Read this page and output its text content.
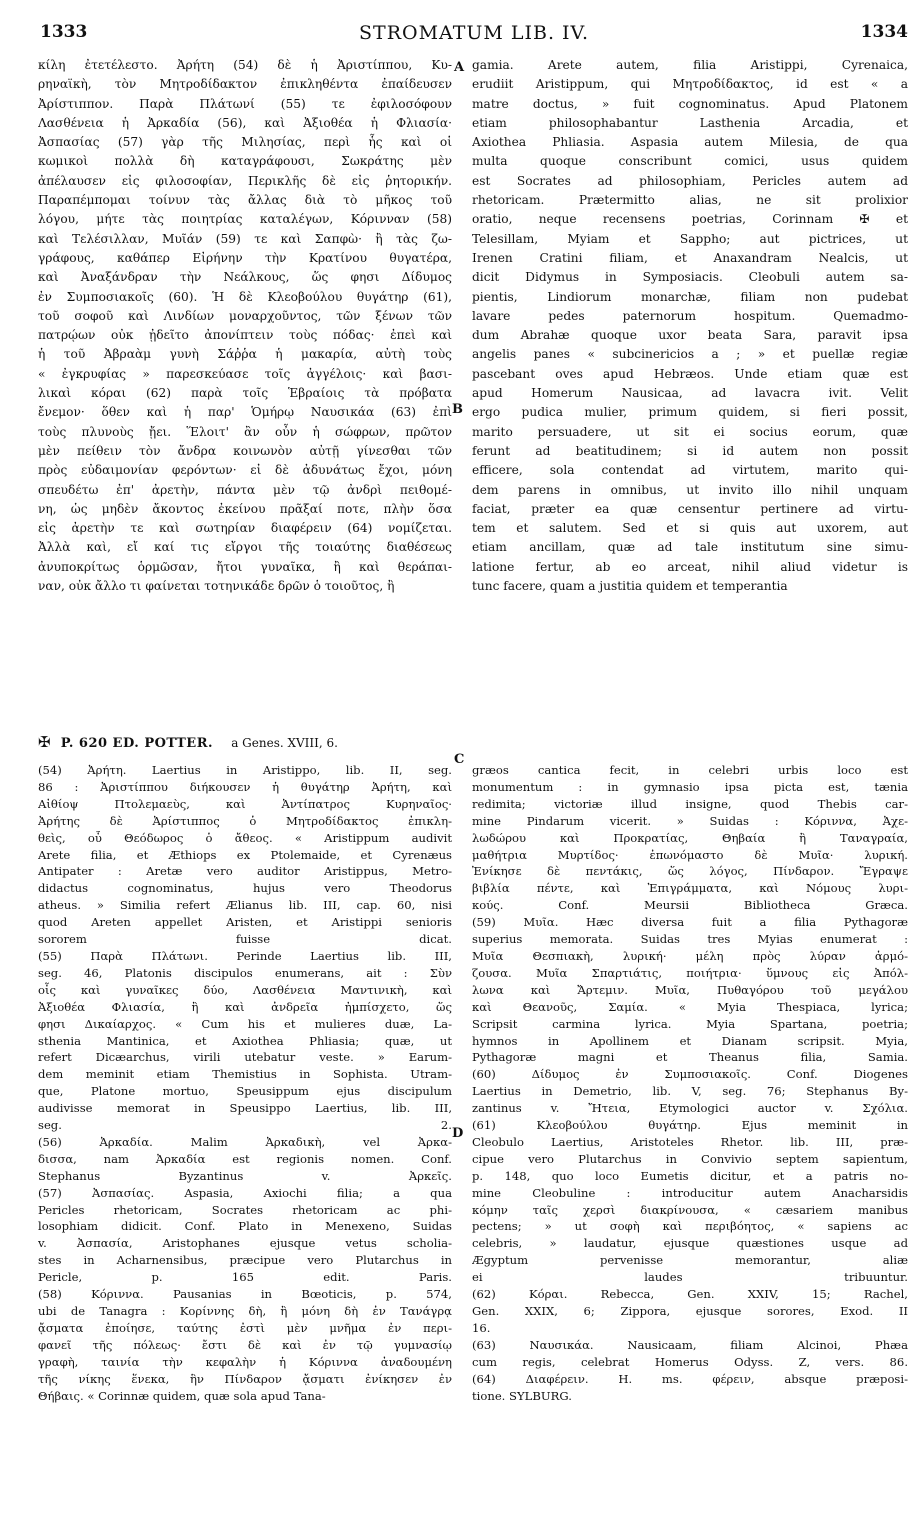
1333	STROMATUM LIB. IV.	1334
κίλη ἐτετέλεστο. Ἀρήτη (54) δὲ ἡ Ἀριστίππου, Κυ-
ρηναϊκὴ, τὸν Μητροδίδακτον ἐπικληθέντα ἐπαίδευσεν
Ἀρίστιππον. Παρὰ Πλάτωνί (55) τε ἐφιλοσόφουν
Λασθένεια ἡ Ἀρκαδία (56), καὶ Ἀξιοθέα ἡ Φλιασία·
Ἀσπασίας (57) γὰρ τῆς Μιλησίας, περὶ ἧς καὶ οἱ
κωμικοὶ πολλὰ δὴ καταγράφουσι, Σωκράτης μὲν
ἀπέλαυσεν εἰς φιλοσοφίαν, Περικλῆς δὲ εἰς ῥητορικήν.
Παραπέμπομαι τοίνυν τὰς ἄλλας διὰ τὸ μῆκος τοῦ
λόγου, μήτε τὰς ποιητρίας καταλέγων, Κόρινναν (58)
καὶ Τελέσιλλαν, Μυῖάν (59) τε καὶ Σαπφὼ· ἢ τὰς ζω-
γράφους, καθάπερ Εἰρήνην τὴν Κρατίνου θυγατέρα,
καὶ Ἀναξάνδραν τὴν Νεάλκους, ὥς φησι Δίδυμος
ἐν Συμποσιακοῖς (60). Ἡ δὲ Κλεοβούλου θυγάτηρ (61),
τοῦ σοφοῦ καὶ Λινδίων μοναρχοῦντος, τῶν ξένων τῶν
πατρῴων οὐκ ᾐδεῖτο ἀπονίπτειν τοὺς πόδας· ἐπεὶ καὶ
ἡ τοῦ Ἀβραὰμ γυνὴ Σάῤῥα ἡ μακαρία, αὐτὴ τοὺς
« ἐγκρυφίας » παρεσκεύασε τοῖς ἀγγέλοις· καὶ βασι-
λικαὶ κόραι (62) παρὰ τοῖς Ἑβραίοις τὰ πρόβατα
ἔνεμον· ὅθεν καὶ ἡ παρ' Ὁμήρῳ Ναυσικάα (63) ἐπὶ
τοὺς πλυνοὺς ᾔει. Ἕλοιτ' ἂν οὖν ἡ σώφρων, πρῶτον
μὲν πείθειν τὸν ἄνδρα κοινωνὸν αὐτῇ γίνεσθαι τῶν
πρὸς εὐδαιμονίαν φερόντων· εἰ δὲ ἀδυνάτως ἔχοι, μόνη
σπευδέτω ἐπ' ἀρετὴν, πάντα μὲν τῷ ἀνδρὶ πειθομέ-
νη, ὡς μηδὲν ἄκοντος ἐκείνου πρᾶξαί ποτε, πλὴν ὅσα
εἰς ἀρετὴν τε καὶ σωτηρίαν διαφέρειν (64) νομίζεται.
Ἀλλὰ καὶ, εἴ καί τις εἴργοι τῆς τοιαύτης διαθέσεως
ἀνυποκρίτως ὁρμῶσαν, ἤτοι γυναῖκα, ἢ καὶ θεράπαι-
ναν, οὐκ ἄλλο τι φαίνεται τοτηνικάδε δρῶν ὁ τοιοῦτος, ἢ
gamia. Arete autem, filia Aristippi, Cyrenaica,
erudiit Aristippum, qui Μητροδίδακτος, id est « a
matre doctus, » fuit cognominatus. Apud Platonem
etiam philosophabantur Lasthenia Arcadia, et
Axiothea Phliasia. Aspasia autem Milesia, de qua
multa quoque conscribunt comici, usus quidem
est Socrates ad philosophiam, Pericles autem ad
rhetoricam. Prætermitto alias, ne sit prolixior
oratio, neque recensens poetrias, Corinnam ✠ et
Telesillam, Myiam et Sappho; aut pictrices, ut
Irenen Cratini filiam, et Anaxandram Nealcis, ut
dicit Didymus in Symposiacis. Cleobuli autem sa-
pientis, Lindiorum monarchæ, filiam non pudebat
lavare pedes paternorum hospitum. Quemadmo-
dum Abrahæ quoque uxor beata Sara, paravit ipsa
angelis panes « subcinericios a ; » et puellæ regiæ
pascebant oves apud Hebræos. Unde etiam quæ est
apud Homerum Nausicaa, ad lavacra ivit. Velit
ergo pudica mulier, primum quidem, si fieri possit,
marito persuadere, ut sit ei socius eorum, quæ
ferunt ad beatitudinem; si id autem non possit
efficere, sola contendat ad virtutem, marito qui-
dem parens in omnibus, ut invito illo nihil unquam
faciat, præter ea quæ censentur pertinere ad virtu-
tem et salutem. Sed et si quis aut uxorem, aut
etiam ancillam, quæ ad tale institutum sine simu-
latione fertur, ab eo arceat, nihil aliud videtur is
tunc facere, quam a justitia quidem et temperantia
A
B
C
D
✠ P. 620 ED. POTTER. a Genes. XVIII, 6.
(54) Ἀρήτη. Laertius in Aristippo, lib. II, seg.
86 : Ἀριστίππου διήκουσεν ἡ θυγάτηρ Ἀρήτη, καὶ
Αἰθίοψ Πτολεμαεὺς, καὶ Ἀντίπατρος Κυρηναῖος·
Ἀρήτης δὲ Ἀρίστιππος ὁ Μητροδίδακτος ἐπικλη-
θεὶς, οὗ Θεόδωρος ὁ ἄθεος. « Aristippum audivit
Arete filia, et Æthiops ex Ptolemaide, et Cyrenæus
Antipater : Aretæ vero auditor Aristippus, Metro-
didactus cognominatus, hujus vero Theodorus
atheus. » Similia refert Ælianus lib. III, cap. 60, nisi
quod Areten appellet Aristen, et Aristippi senioris
sororem fuisse dicat.
(55) Παρὰ Πλάτωνι. Perinde Laertius lib. III,
seg. 46, Platonis discipulos enumerans, ait : Σὺν
οἷς καὶ γυναῖκες δύο, Λασθένεια Μαντινικὴ, καὶ
Ἀξιοθέα Φλιασία, ἢ καὶ ἀνδρεῖα ἠμπίσχετο, ὥς
φησι Δικαίαρχος. « Cum his et mulieres duæ, La-
sthenia Mantinica, et Axiothea Phliasia; quæ, ut
refert Dicæarchus, virili utebatur veste. » Earum-
dem meminit etiam Themistius in Sophista. Utram-
que, Platone mortuo, Speusippum ejus discipulum
audivisse memorat in Speusippo Laertius, lib. III,
seg. 2.
(56) Ἀρκαδία. Malim Ἀρκαδικὴ, vel Ἀρκα-
δισσα, nam Ἀρκαδία est regionis nomen. Conf.
Stephanus Byzantinus v. Ἀρκεῖς.
(57) Ἀσπασίας. Aspasia, Axiochi filia; a qua
Pericles rhetoricam, Socrates rhetoricam ac phi-
losophiam didicit. Conf. Plato in Menexeno, Suidas
v. Ἀσπασία, Aristophanes ejusque vetus scholia-
stes in Acharnensibus, præcipue vero Plutarchus in
Pericle, p. 165 edit. Paris.
(58) Κόριννα. Pausanias in Bœoticis, p. 574,
ubi de Tanagra : Κορίννης δὴ, ἢ μόνη δὴ ἐν Τανάγρᾳ
ᾄσματα ἐποίησε, ταύτης ἐστὶ μὲν μνῆμα ἐν περι-
φανεῖ τῆς πόλεως· ἔστι δὲ καὶ ἐν τῷ γυμνασίῳ
γραφὴ, ταινία τὴν κεφαλὴν ἡ Κόριννα ἀναδουμένη
τῆς νίκης ἕνεκα, ἣν Πίνδαρον ᾄσματι ἐνίκησεν ἐν
Θήβαις. « Corinnæ quidem, quæ sola apud Tana-
græos cantica fecit, in celebri urbis loco est
monumentum : in gymnasio ipsa picta est, tænia
redimita; victoriæ illud insigne, quod Thebis car-
mine Pindarum vicerit. » Suidas : Κόριννα, Ἀχε-
λωδώρου καὶ Προκρατίας, Θηβαία ἢ Ταναγραία,
μαθήτρια Μυρτίδος· ἐπωνόμαστο δὲ Μυῖα· λυρική.
Ἐνίκησε δὲ πεντάκις, ὥς λόγος, Πίνδαρον. Ἔγραψε
βιβλία πέντε, καὶ Ἐπιγράμματα, καὶ Νόμους λυρι-
κούς. Conf. Meursii Bibliotheca Græca.
(59) Μυῖα. Hæc diversa fuit a filia Pythagoræ
superius memorata. Suidas tres Myias enumerat :
Μυῖα Θεσπιακὴ, λυρική· μέλη πρὸς λύραν ἁρμό-
ζουσα. Μυῖα Σπαρτιάτις, ποιήτρια· ὕμνους εἰς Ἀπόλ-
λωνα καὶ Ἄρτεμιν. Μυῖα, Πυθαγόρου τοῦ μεγάλου
καὶ Θεανοῦς, Σαμία. « Myia Thespiaca, lyrica;
Scripsit carmina lyrica. Myia Spartana, poetria;
hymnos in Apollinem et Dianam scripsit. Myia,
Pythagoræ magni et Theanus filia, Samia.
(60) Δίδυμος ἐν Συμποσιακοῖς. Conf. Diogenes
Laertius in Demetrio, lib. V, seg. 76; Stephanus By-
zantinus v. Ἤτεια, Etymologici auctor v. Σχόλια.
(61) Κλεοβούλου θυγάτηρ. Ejus meminit in
Cleobulo Laertius, Aristoteles Rhetor. lib. III, præ-
cipue vero Plutarchus in Convivio septem sapientum,
p. 148, quo loco Eumetis dicitur, et a patris no-
mine Cleobuline : introducitur autem Anacharsidis
κόμην ταῖς χερσὶ διακρίνουσα, « cæsariem manibus
pectens; » ut σοφὴ καὶ περιβόητος, « sapiens ac
celebris, » laudatur, ejusque quæstiones usque ad
Ægyptum pervenisse memorantur, aliæ
ei laudes tribuuntur.
(62) Κόραι. Rebecca, Gen. XXIV, 15; Rachel,
Gen. XXIX, 6; Zippora, ejusque sorores, Exod. II
16.
(63) Ναυσικάα. Nausicaam, filiam Alcinoi, Phæa
cum regis, celebrat Homerus Odyss. Z, vers. 86.
(64) Διαφέρειν. H. ms. φέρειν, absque præposi-
tione. SYLBURG.
